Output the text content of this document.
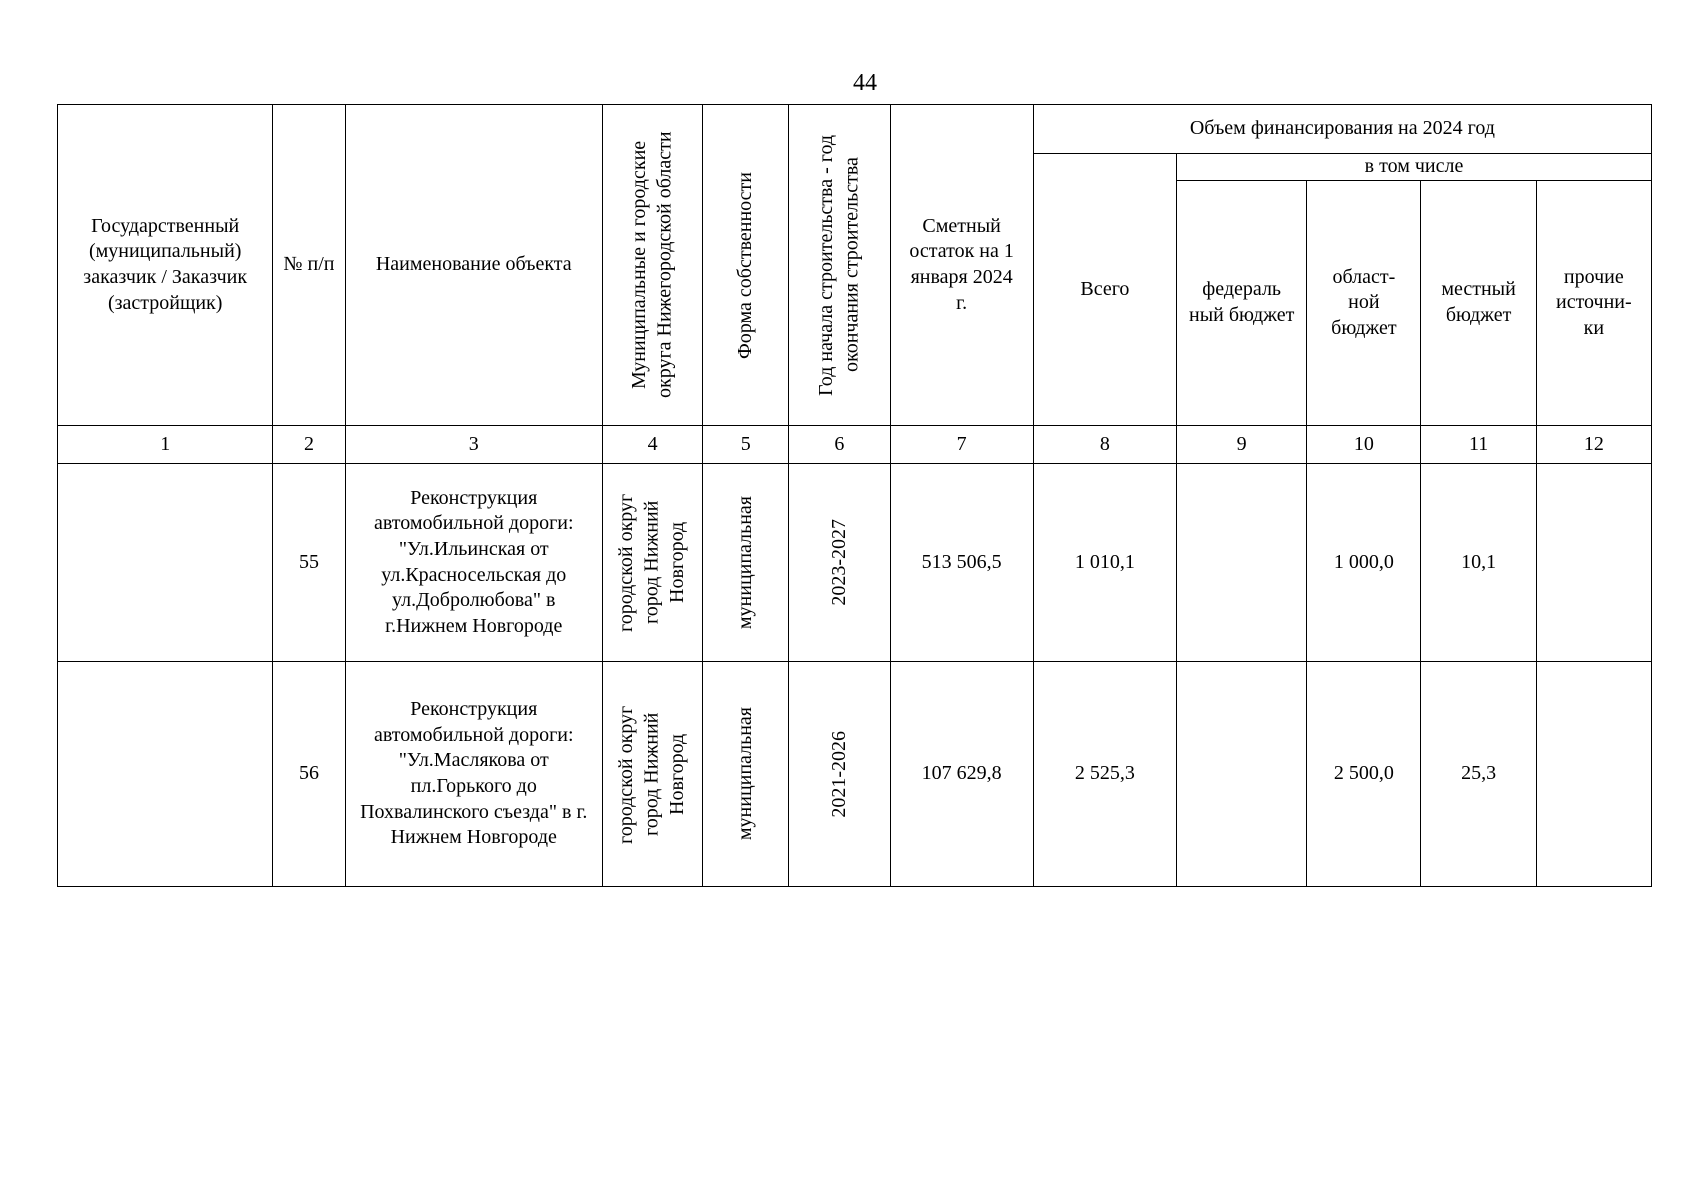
44
Государственный (муниципальный) заказчик / Заказчик (застройщик)	№ п/п	Наименование объекта	Муниципальные и городские округа Нижегородской области	Форма собственности	Год начала строительства - год окончания строительства	Сметный остаток на 1 января 2024 г.	Объем финансирования на 2024 год				
							Всего	в том числе			
								федераль ный бюджет	област- ной бюджет	местный бюджет	прочие источни- ки
1	2	3	4	5	6	7	8	9	10	11	12
	55	Реконструкция автомобильной дороги: "Ул.Ильинская от ул.Красносельская до ул.Добролюбова" в г.Нижнем Новгороде	городской округ город Нижний Новгород	муниципальная	2023-2027	513 506,5	1 010,1		1 000,0	10,1	
	56	Реконструкция автомобильной дороги: "Ул.Маслякова от пл.Горького до Похвалинского съезда" в г. Нижнем Новгороде	городской округ город Нижний Новгород	муниципальная	2021-2026	107 629,8	2 525,3		2 500,0	25,3	
